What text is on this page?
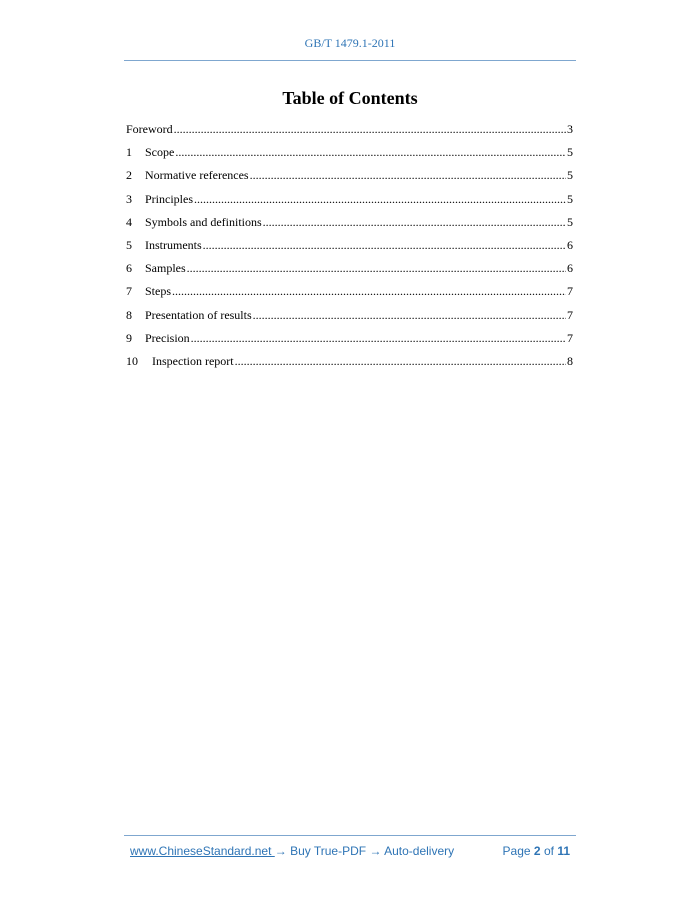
GB/T 1479.1-2011
Table of Contents
Foreword .....	3
1	Scope .....	5
2	Normative references .....	5
3	Principles .....	5
4	Symbols and definitions .....	5
5	Instruments .....	6
6	Samples .....	6
7	Steps .....	7
8	Presentation of results .....	7
9	Precision .....	7
10	Inspection report .....	8
www.ChineseStandard.net → Buy True-PDF → Auto-delivery	Page 2 of 11
